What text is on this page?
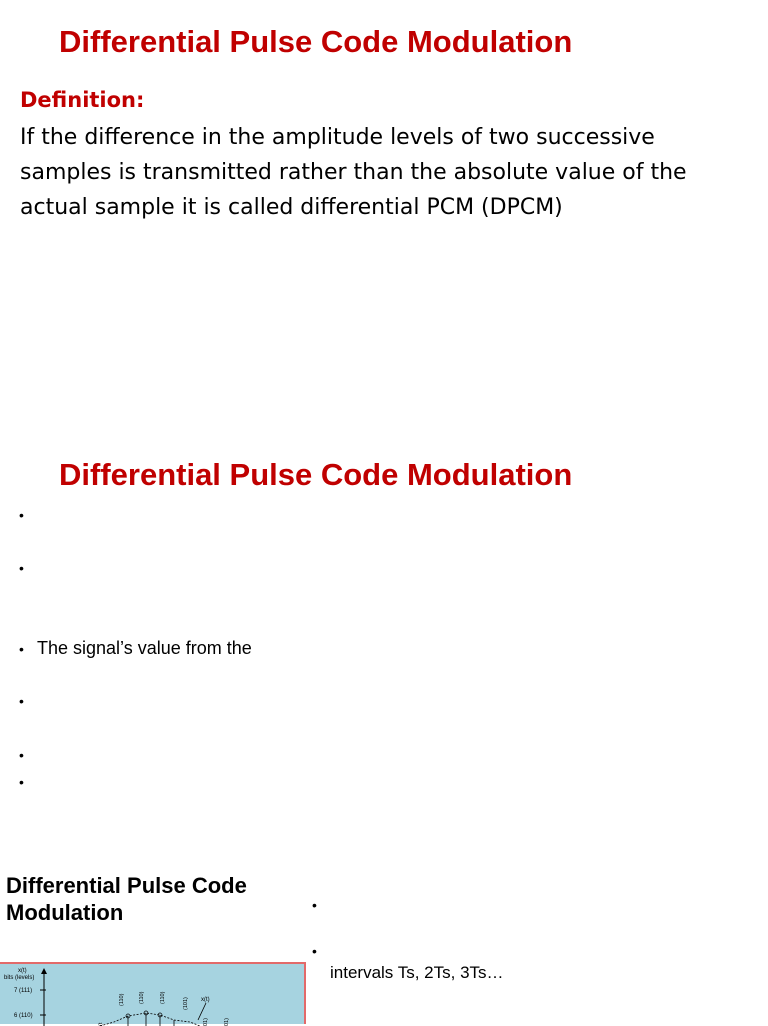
Differential Pulse Code Modulation
Definition:
If the difference in the amplitude levels of two successive samples is transmitted rather than the absolute value of the actual sample it is called differential PCM (DPCM)
Differential Pulse Code Modulation
•
•
• The signal’s value from the
•
•
•
Differential Pulse Code Modulation	•
•
intervals Ts, 2Ts, 3Ts…
x(t)
bits (levels)
7 (111)
6 (110)
(110)	(110)	(110)	(101) x(t)
(t	01)	01)
